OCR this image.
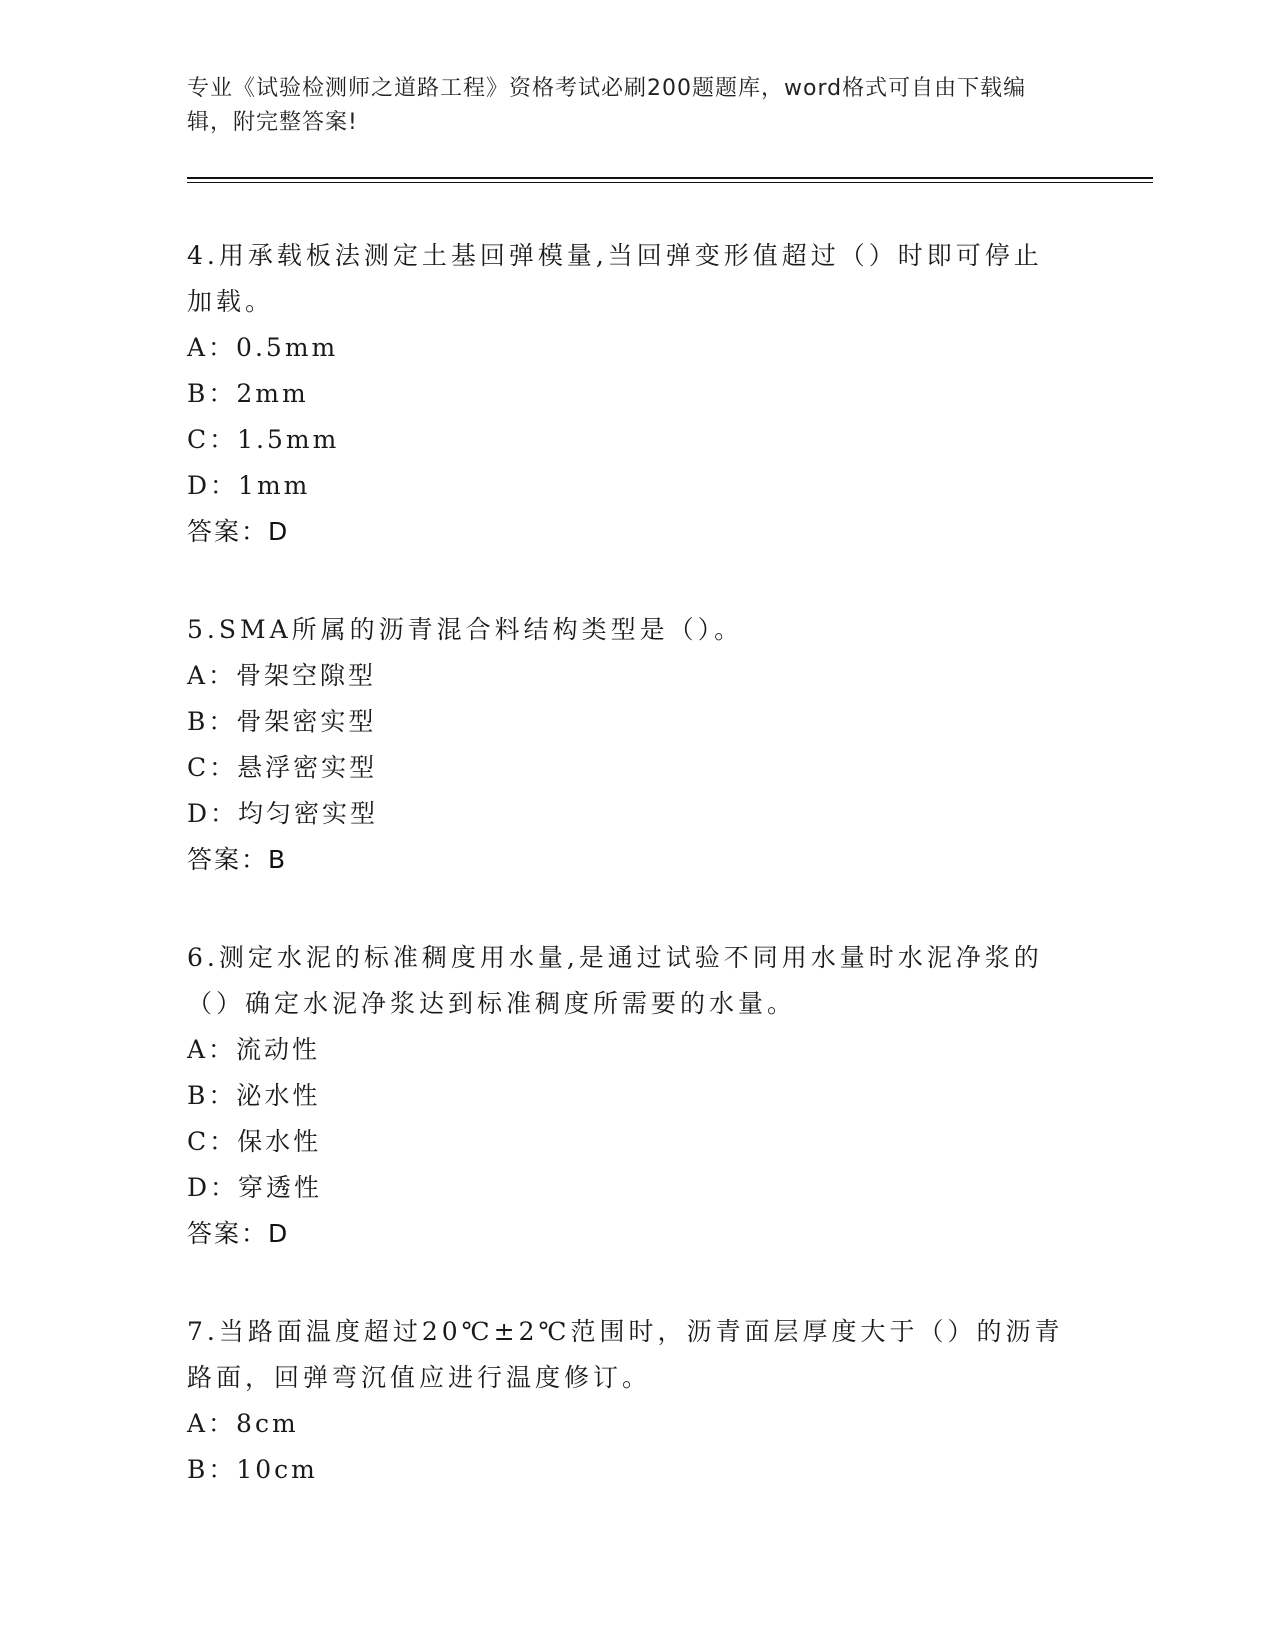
专业《试验检测师之道路工程》资格考试必刷200题题库，word格式可自由下载编辑，附完整答案!
4.用承载板法测定土基回弹模量,当回弹变形值超过（）时即可停止加载。
A：0.5mm
B：2mm
C：1.5mm
D：1mm
答案：D
5.SMA所属的沥青混合料结构类型是（）。
A：骨架空隙型
B：骨架密实型
C：悬浮密实型
D：均匀密实型
答案：B
6.测定水泥的标准稠度用水量,是通过试验不同用水量时水泥净浆的（）确定水泥净浆达到标准稠度所需要的水量。
A：流动性
B：泌水性
C：保水性
D：穿透性
答案：D
7.当路面温度超过20℃±2℃范围时，沥青面层厚度大于（）的沥青路面，回弹弯沉值应进行温度修订。
A：8cm
B：10cm
